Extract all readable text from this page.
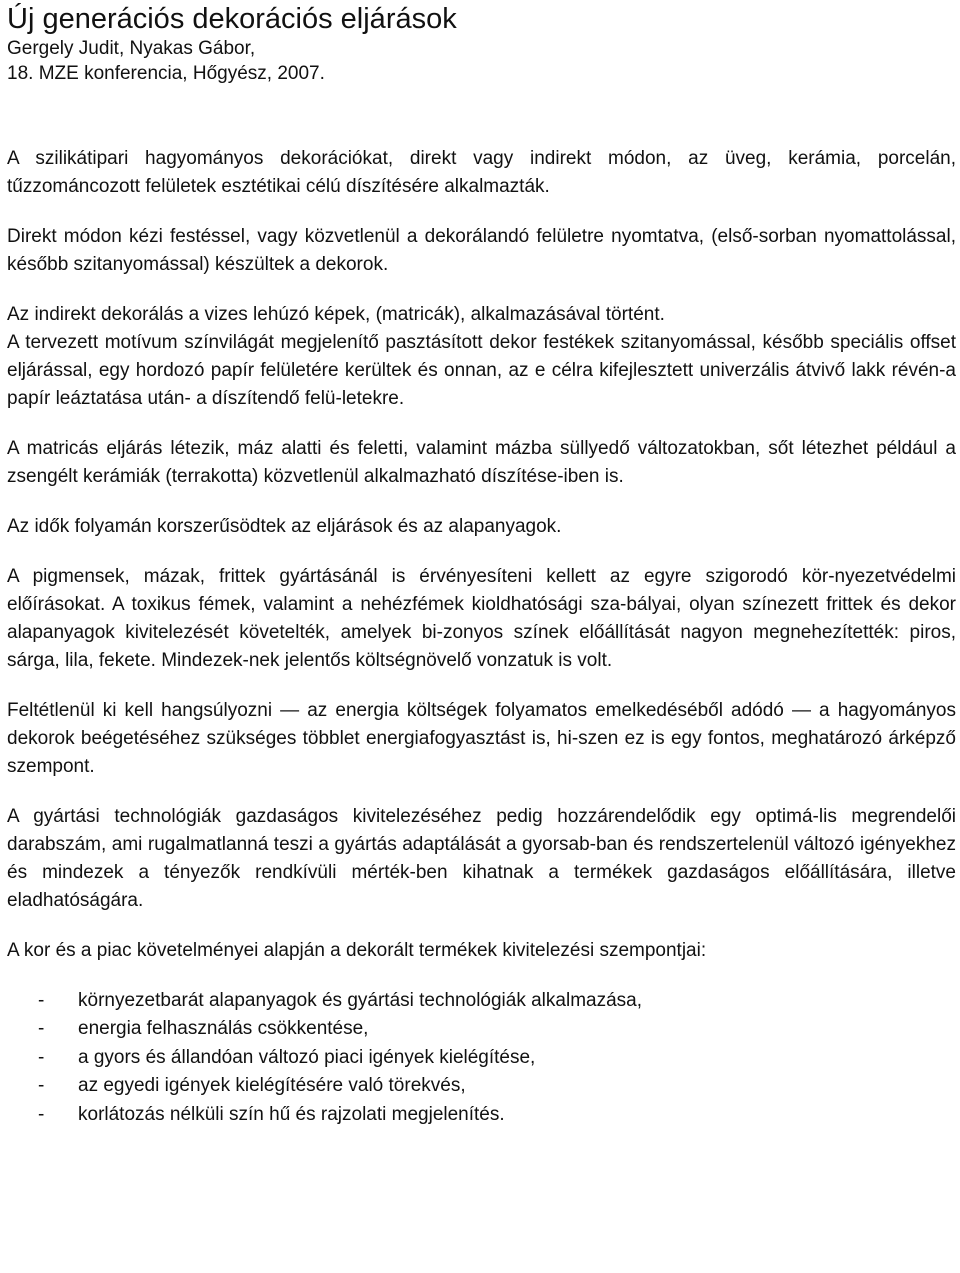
Új generációs dekorációs eljárások
Gergely Judit, Nyakas Gábor,
18. MZE konferencia, Hőgyész, 2007.

A szilikátipari hagyományos dekorációkat, direkt vagy indirekt módon, az üveg, kerámia, porcelán, tűzzománcozott felületek esztétikai célú díszítésére alkalmazták.

Direkt módon kézi festéssel, vagy közvetlenül a dekorálandó felületre nyomtatva, (első-sorban nyomattolással, később szitanyomással) készültek a dekorok.

Az indirekt dekorálás a vizes lehúzó képek, (matricák), alkalmazásával történt.

A tervezett motívum színvilágát megjelenítő pasztásított dekor festékek szitanyomással, később speciális offset eljárással, egy hordozó papír felületére kerültek és onnan, az e célra kifejlesztett univerzális átvivő lakk révén-a papír leáztatása után- a díszítendő felü-letekre.

A matricás eljárás létezik, máz alatti és feletti, valamint mázba süllyedő változatokban, sőt létezhet például a zsengélt kerámiák (terrakotta) közvetlenül alkalmazható díszítése-iben is.

Az idők folyamán korszerűsödtek az eljárások és az alapanyagok.

A pigmensek, mázak, frittek gyártásánál is érvényesíteni kellett az egyre szigorodó kör-nyezetvédelmi előírásokat. A toxikus fémek, valamint a nehézfémek kioldhatósági sza-bályai, olyan színezett frittek és dekor alapanyagok kivitelezését követelték, amelyek bi-zonyos színek előállítását nagyon megnehezítették: piros, sárga, lila, fekete. Mindezek-nek jelentős költségnövelő vonzatuk is volt.

Feltétlenül ki kell hangsúlyozni — az energia költségek folyamatos emelkedéséből adódó — a hagyományos dekorok beégetéséhez szükséges többlet energiafogyasztást is, hi-szen ez is egy fontos, meghatározó árképző szempont.

A gyártási technológiák gazdaságos kivitelezéséhez pedig hozzárendelődik egy optimá-lis megrendelői darabszám, ami rugalmatlanná teszi a gyártás adaptálását a gyorsab-ban és rendszertelenül változó igényekhez és mindezek a tényezők rendkívüli mérték-ben kihatnak a termékek gazdaságos előállítására, illetve eladhatóságára.

A kor és a piac követelményei alapján a dekorált termékek kivitelezési szempontjai:

- környezetbarát alapanyagok és gyártási technológiák alkalmazása,
- energia felhasználás csökkentése,
- a gyors és állandóan változó piaci igények kielégítése,
- az egyedi igények kielégítésére való törekvés,
- korlátozás nélküli szín hű és rajzolati megjelenítés.
